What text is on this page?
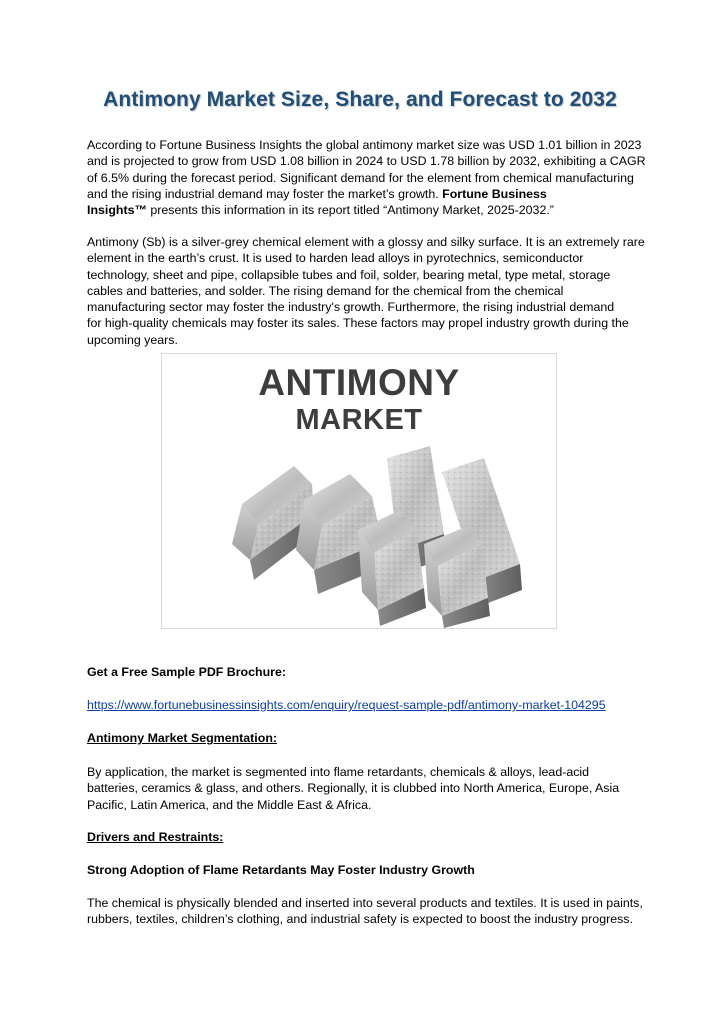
Antimony Market Size, Share, and Forecast to 2032
According to Fortune Business Insights the global antimony market size was USD 1.01 billion in 2023
and is projected to grow from USD 1.08 billion in 2024 to USD 1.78 billion by 2032, exhibiting a CAGR
of 6.5% during the forecast period. Significant demand for the element from chemical manufacturing
and the rising industrial demand may foster the market’s growth. Fortune Business
Insights™ presents this information in its report titled “Antimony Market, 2025-2032.”
Antimony (Sb) is a silver-grey chemical element with a glossy and silky surface. It is an extremely rare
element in the earth’s crust. It is used to harden lead alloys in pyrotechnics, semiconductor
technology, sheet and pipe, collapsible tubes and foil, solder, bearing metal, type metal, storage
cables and batteries, and solder. The rising demand for the chemical from the chemical
manufacturing sector may foster the industry's growth. Furthermore, the rising industrial demand
for high-quality chemicals may foster its sales. These factors may propel industry growth during the
upcoming years.
ANTIMONY
MARKET
Get a Free Sample PDF Brochure:
https://www.fortunebusinessinsights.com/enquiry/request-sample-pdf/antimony-market-104295
Antimony Market Segmentation:
By application, the market is segmented into flame retardants, chemicals & alloys, lead-acid
batteries, ceramics & glass, and others. Regionally, it is clubbed into North America, Europe, Asia
Pacific, Latin America, and the Middle East & Africa.
Drivers and Restraints:
Strong Adoption of Flame Retardants May Foster Industry Growth
The chemical is physically blended and inserted into several products and textiles. It is used in paints,
rubbers, textiles, children’s clothing, and industrial safety is expected to boost the industry progress.
